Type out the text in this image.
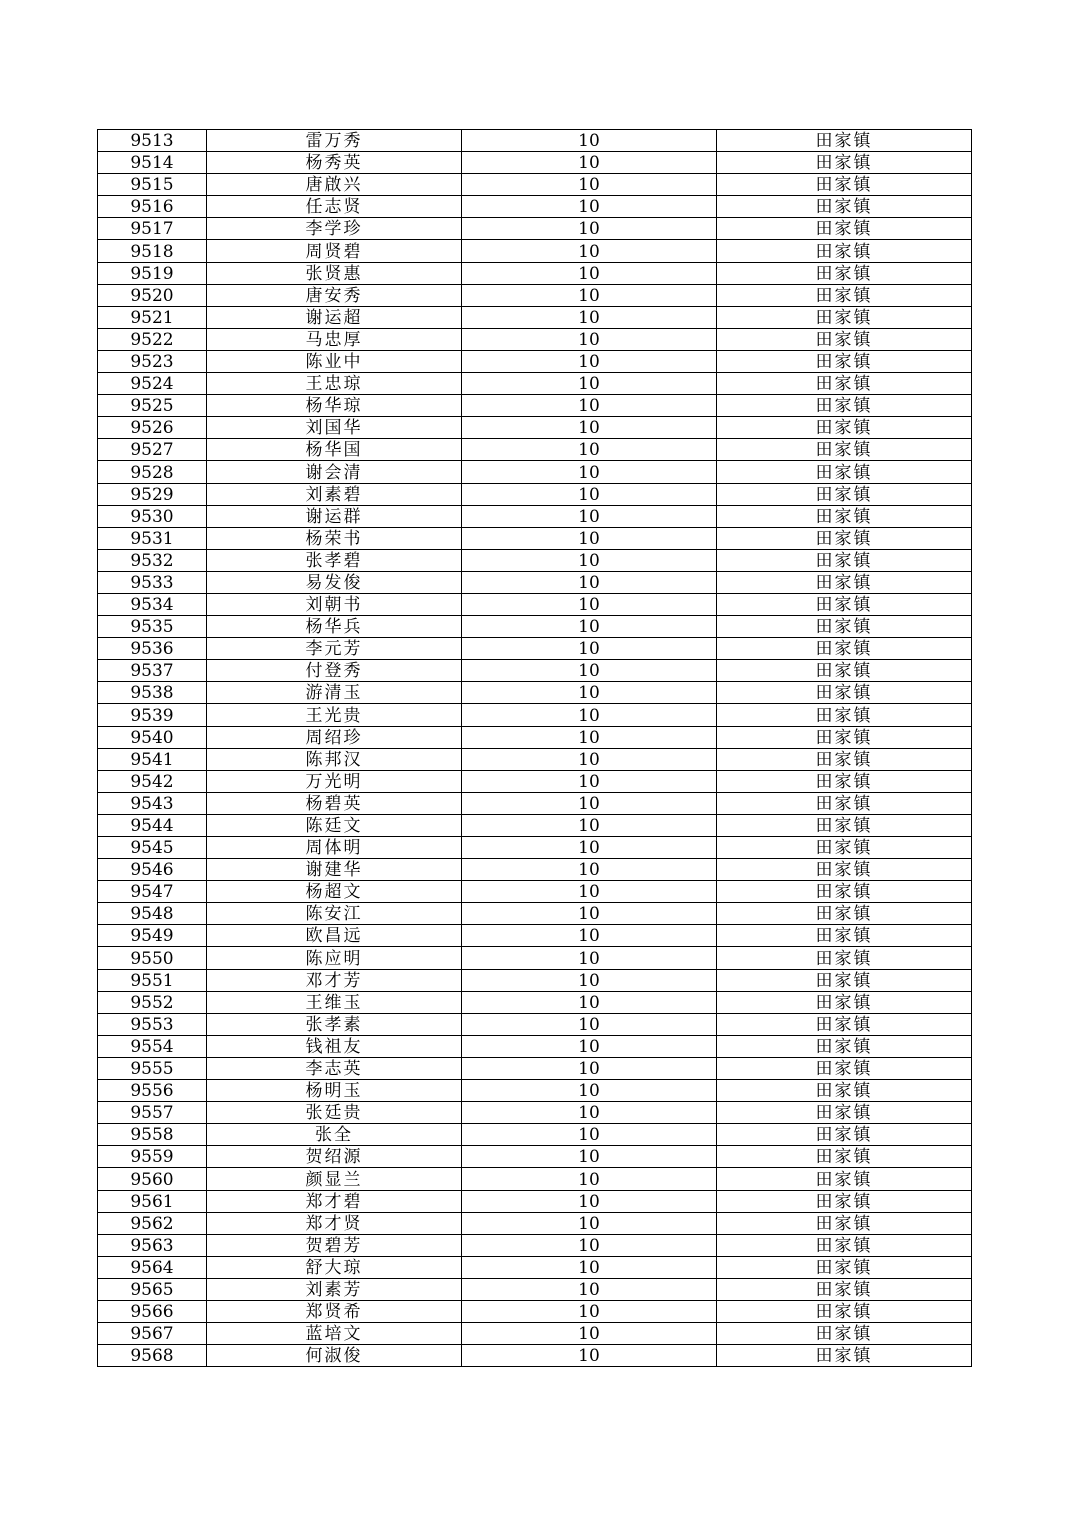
9513	雷万秀	10	田家镇
9514	杨秀英	10	田家镇
9515	唐啟兴	10	田家镇
9516	任志贤	10	田家镇
9517	李学珍	10	田家镇
9518	周贤碧	10	田家镇
9519	张贤惠	10	田家镇
9520	唐安秀	10	田家镇
9521	谢运超	10	田家镇
9522	马忠厚	10	田家镇
9523	陈业中	10	田家镇
9524	王忠琼	10	田家镇
9525	杨华琼	10	田家镇
9526	刘国华	10	田家镇
9527	杨华国	10	田家镇
9528	谢会清	10	田家镇
9529	刘素碧	10	田家镇
9530	谢运群	10	田家镇
9531	杨荣书	10	田家镇
9532	张孝碧	10	田家镇
9533	易发俊	10	田家镇
9534	刘朝书	10	田家镇
9535	杨华兵	10	田家镇
9536	李元芳	10	田家镇
9537	付登秀	10	田家镇
9538	游清玉	10	田家镇
9539	王光贵	10	田家镇
9540	周绍珍	10	田家镇
9541	陈邦汉	10	田家镇
9542	万光明	10	田家镇
9543	杨碧英	10	田家镇
9544	陈廷文	10	田家镇
9545	周体明	10	田家镇
9546	谢建华	10	田家镇
9547	杨超文	10	田家镇
9548	陈安江	10	田家镇
9549	欧昌远	10	田家镇
9550	陈应明	10	田家镇
9551	邓才芳	10	田家镇
9552	王维玉	10	田家镇
9553	张孝素	10	田家镇
9554	钱祖友	10	田家镇
9555	李志英	10	田家镇
9556	杨明玉	10	田家镇
9557	张廷贵	10	田家镇
9558	张全	10	田家镇
9559	贺绍源	10	田家镇
9560	颜显兰	10	田家镇
9561	郑才碧	10	田家镇
9562	郑才贤	10	田家镇
9563	贺碧芳	10	田家镇
9564	舒大琼	10	田家镇
9565	刘素芳	10	田家镇
9566	郑贤希	10	田家镇
9567	蓝培文	10	田家镇
9568	何淑俊	10	田家镇
